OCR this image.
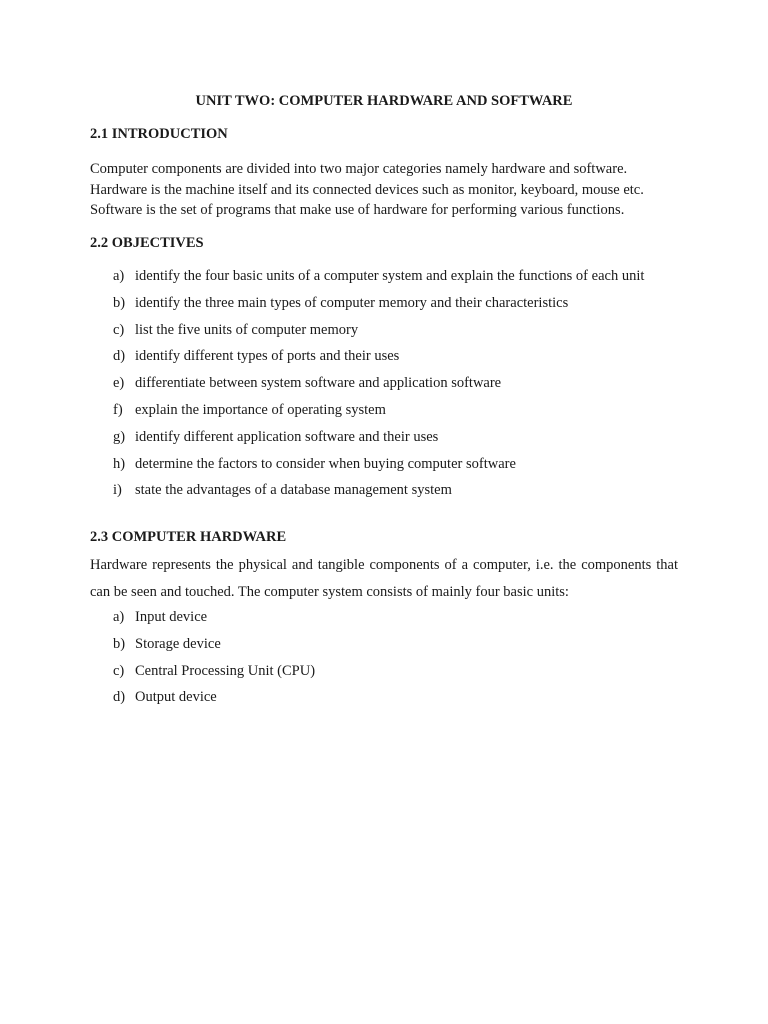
UNIT TWO: COMPUTER HARDWARE AND SOFTWARE
2.1 INTRODUCTION

Computer components are divided into two major categories namely hardware and software.
Hardware is the machine itself and its connected devices such as monitor, keyboard, mouse etc.
Software is the set of programs that make use of hardware for performing various functions.

2.2 OBJECTIVES
a) identify the four basic units of a computer system and explain the functions of each unit
b) identify the three main types of computer memory and their characteristics
c) list the five units of computer memory
d) identify different types of ports and their uses
e) differentiate between system software and application software
f) explain the importance of operating system
g) identify different application software and their uses
h) determine the factors to consider when buying computer software
i) state the advantages of a database management system
2.3 COMPUTER HARDWARE

Hardware represents the physical and tangible components of a computer, i.e. the components that can be seen and touched. The computer system consists of mainly four basic units:

a) Input device
b) Storage device
c) Central Processing Unit (CPU)
d) Output device
